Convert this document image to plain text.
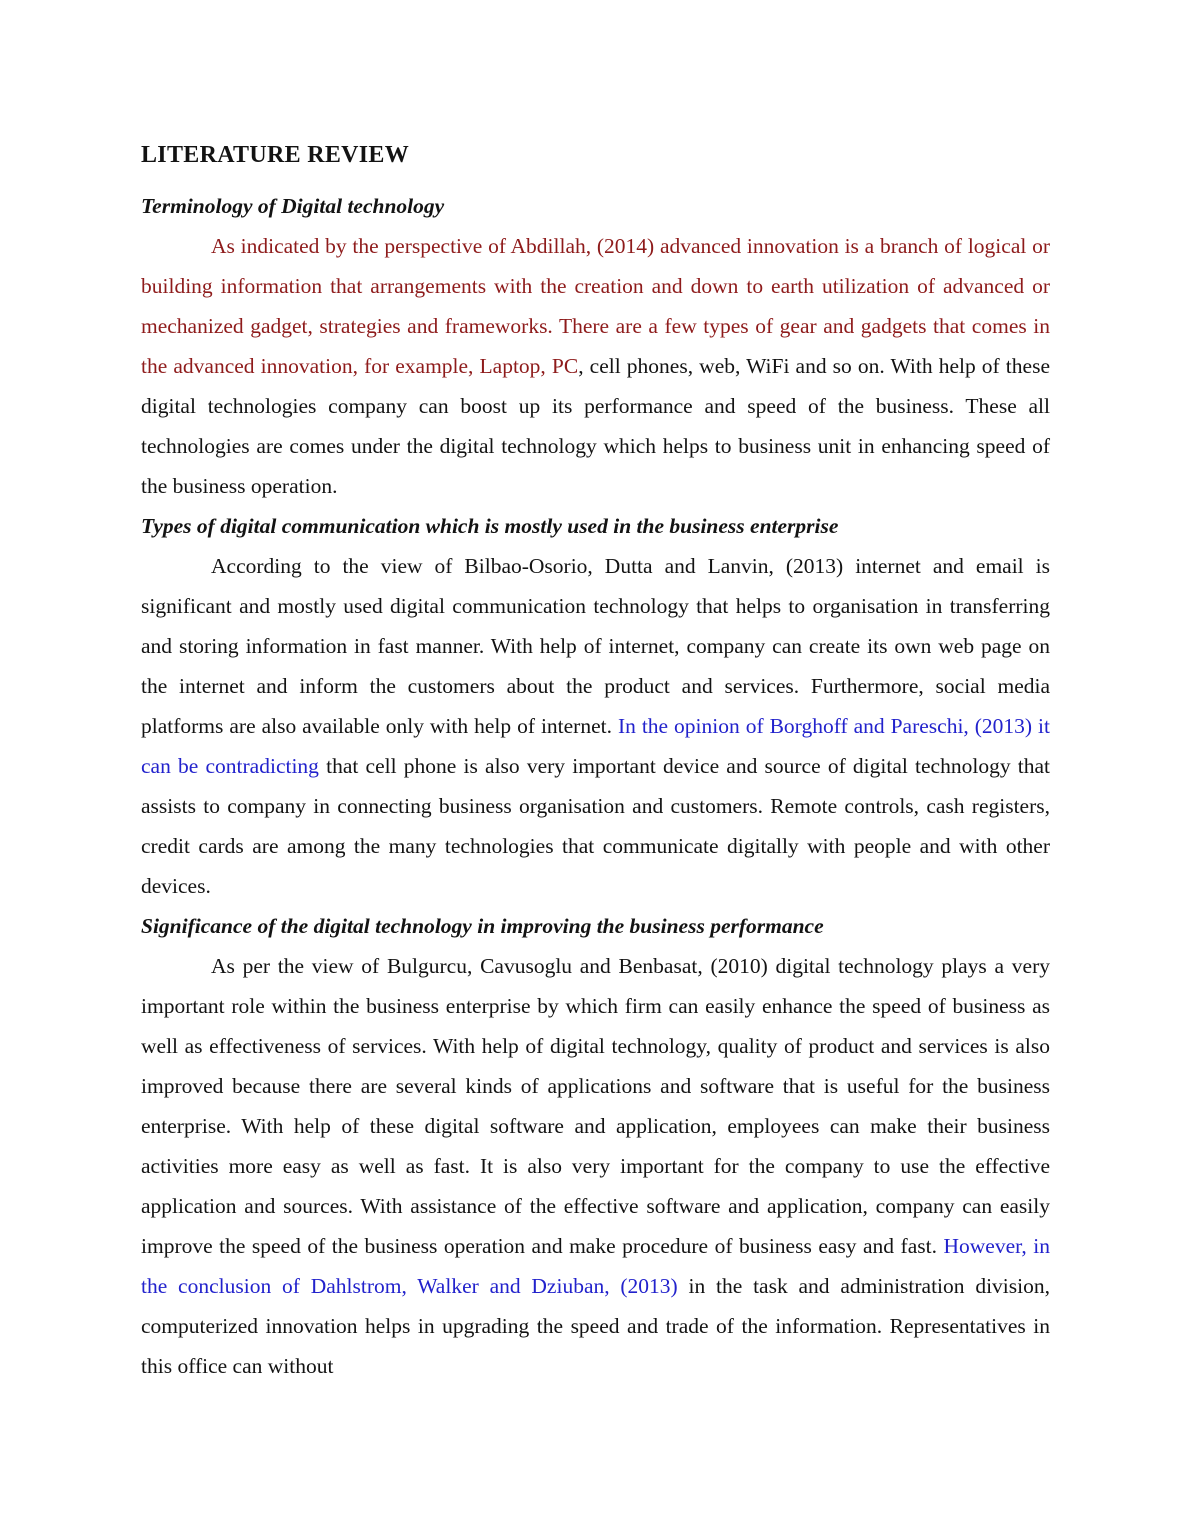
LITERATURE REVIEW
Terminology of Digital technology

As indicated by the perspective of Abdillah, (2014) advanced innovation is a branch of logical or building information that arrangements with the creation and down to earth utilization of advanced or mechanized gadget, strategies and frameworks. There are a few types of gear and gadgets that comes in the advanced innovation, for example, Laptop, PC, cell phones, web, WiFi and so on. With help of these digital technologies company can boost up its performance and speed of the business. These all technologies are comes under the digital technology which helps to business unit in enhancing speed of the business operation.

Types of digital communication which is mostly used in the business enterprise

According to the view of Bilbao-Osorio, Dutta and Lanvin, (2013) internet and email is significant and mostly used digital communication technology that helps to organisation in transferring and storing information in fast manner. With help of internet, company can create its own web page on the internet and inform the customers about the product and services. Furthermore, social media platforms are also available only with help of internet. In the opinion of Borghoff and Pareschi, (2013) it can be contradicting that cell phone is also very important device and source of digital technology that assists to company in connecting business organisation and customers. Remote controls, cash registers, credit cards are among the many technologies that communicate digitally with people and with other devices.

Significance of the digital technology in improving the business performance

As per the view of Bulgurcu, Cavusoglu and Benbasat, (2010) digital technology plays a very important role within the business enterprise by which firm can easily enhance the speed of business as well as effectiveness of services. With help of digital technology, quality of product and services is also improved because there are several kinds of applications and software that is useful for the business enterprise. With help of these digital software and application, employees can make their business activities more easy as well as fast. It is also very important for the company to use the effective application and sources. With assistance of the effective software and application, company can easily improve the speed of the business operation and make procedure of business easy and fast. However, in the conclusion of Dahlstrom, Walker and Dziuban, (2013) in the task and administration division, computerized innovation helps in upgrading the speed and trade of the information. Representatives in this office can without
